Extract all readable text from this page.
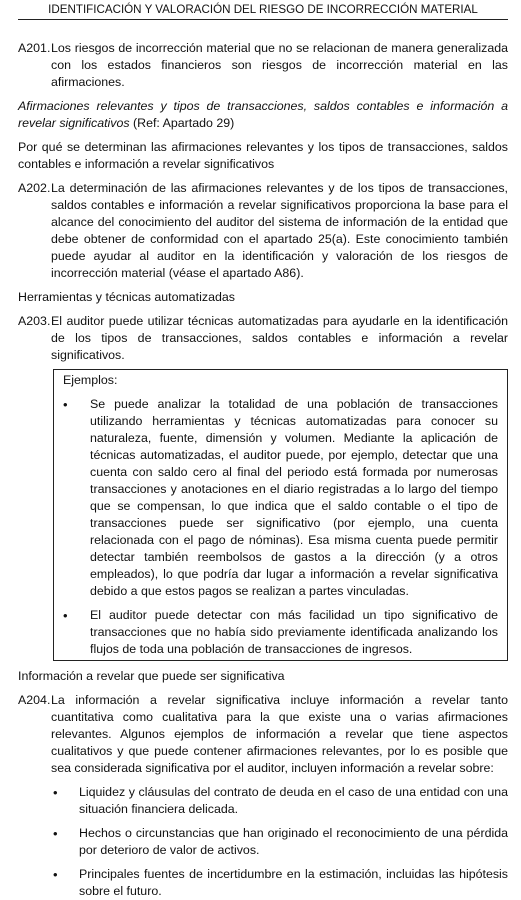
IDENTIFICACIÓN Y VALORACIÓN DEL RIESGO DE INCORRECCIÓN MATERIAL
A201. Los riesgos de incorrección material que no se relacionan de manera generalizada con los estados financieros son riesgos de incorrección material en las afirmaciones.

Afirmaciones relevantes y tipos de transacciones, saldos contables e información a revelar significativos (Ref: Apartado 29)

Por qué se determinan las afirmaciones relevantes y los tipos de transacciones, saldos contables e información a revelar significativos

A202. La determinación de las afirmaciones relevantes y de los tipos de transacciones, saldos contables e información a revelar significativos proporciona la base para el alcance del conocimiento del auditor del sistema de información de la entidad que debe obtener de conformidad con el apartado 25(a). Este conocimiento también puede ayudar al auditor en la identificación y valoración de los riesgos de incorrección material (véase el apartado A86).

Herramientas y técnicas automatizadas

A203. El auditor puede utilizar técnicas automatizadas para ayudarle en la identificación de los tipos de transacciones, saldos contables e información a revelar significativos.

Ejemplos:

•	Se puede analizar la totalidad de una población de transacciones utilizando herramientas y técnicas automatizadas para conocer su naturaleza, fuente, dimensión y volumen. Mediante la aplicación de técnicas automatizadas, el auditor puede, por ejemplo, detectar que una cuenta con saldo cero al final del periodo está formada por numerosas transacciones y anotaciones en el diario registradas a lo largo del tiempo que se compensan, lo que indica que el saldo contable o el tipo de transacciones puede ser significativo (por ejemplo, una cuenta relacionada con el pago de nóminas). Esa misma cuenta puede permitir detectar también reembolsos de gastos a la dirección (y a otros empleados), lo que podría dar lugar a información a revelar significativa debido a que estos pagos se realizan a partes vinculadas.
•	El auditor puede detectar con más facilidad un tipo significativo de transacciones que no había sido previamente identificada analizando los flujos de toda una población de transacciones de ingresos.

Información a revelar que puede ser significativa

A204. La información a revelar significativa incluye información a revelar tanto cuantitativa como cualitativa para la que existe una o varias afirmaciones relevantes. Algunos ejemplos de información a revelar que tiene aspectos cualitativos y que puede contener afirmaciones relevantes, por lo es posible que sea considerada significativa por el auditor, incluyen información a revelar sobre:
•	Liquidez y cláusulas del contrato de deuda en el caso de una entidad con una situación financiera delicada.
•	Hechos o circunstancias que han originado el reconocimiento de una pérdida por deterioro de valor de activos.
•	Principales fuentes de incertidumbre en la estimación, incluidas las hipótesis sobre el futuro.
